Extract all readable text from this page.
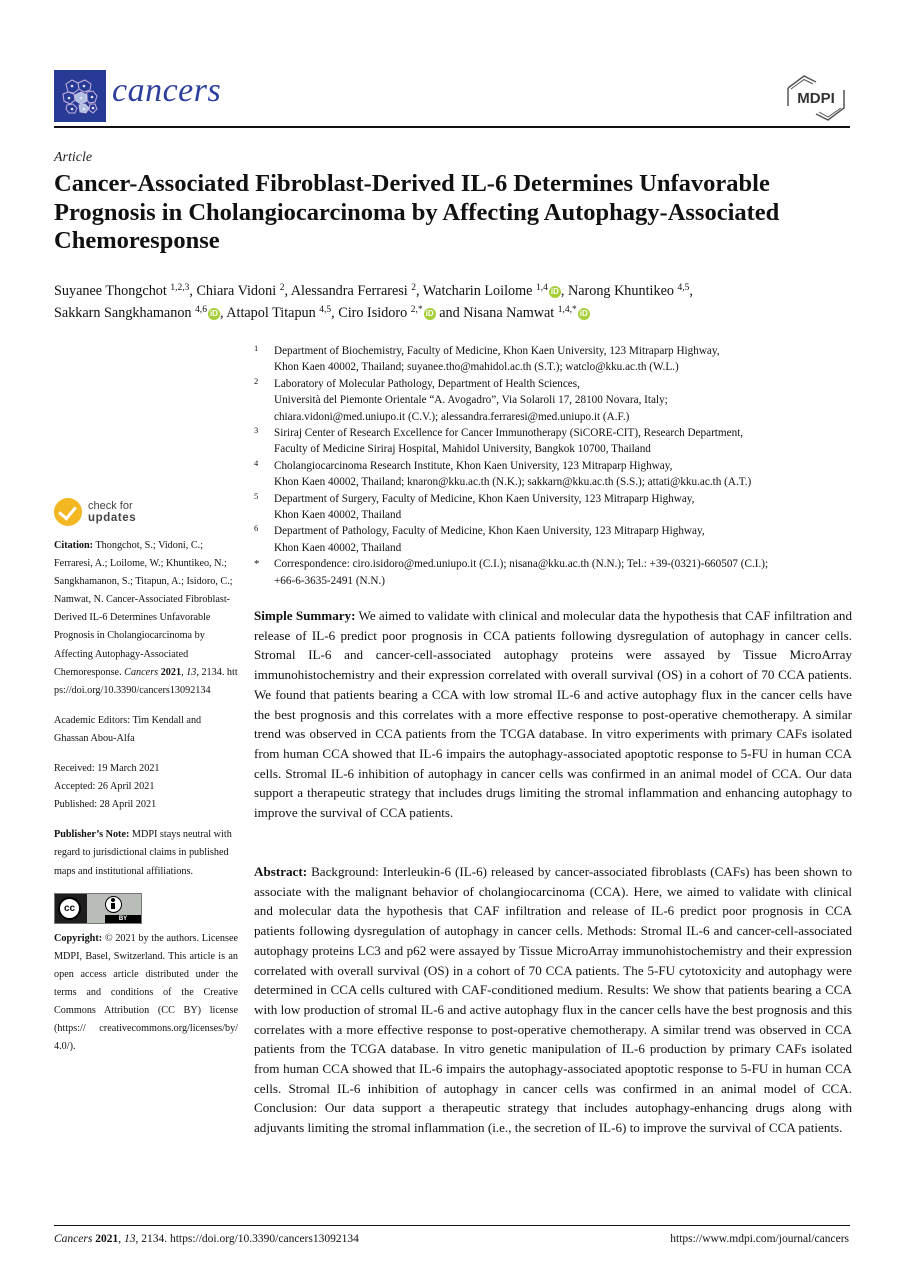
cancers	MDPI
Article
Cancer-Associated Fibroblast-Derived IL-6 Determines Unfavorable Prognosis in Cholangiocarcinoma by Affecting Autophagy-Associated Chemoresponse
Suyanee Thongchot $^{1,2,3}$, Chiara Vidoni $^2$, Alessandra Ferraresi $^2$, Watcharin Loilome $^{1,4}$ iD , Narong Khuntikeo $^{4,5}$,
Sakkarn Sangkhamanon $^{4,6}$ iD , Attapol Titapun $^{4,5}$, Ciro Isidoro $^{2,*}$ iD and Nisana Namwat $^{1,4,*}$ iD
1 Department of Biochemistry, Faculty of Medicine, Khon Kaen University, 123 Mitraparp Highway,
Khon Kaen 40002, Thailand; suyanee.tho@mahidol.ac.th (S.T.); watclo@kku.ac.th (W.L.)
2 Laboratory of Molecular Pathology, Department of Health Sciences,
Università del Piemonte Orientale “A. Avogadro”, Via Solaroli 17, 28100 Novara, Italy;
chiara.vidoni@med.uniupo.it (C.V.); alessandra.ferraresi@med.uniupo.it (A.F.)
3 Siriraj Center of Research Excellence for Cancer Immunotherapy (SiCORE-CIT), Research Department,
Faculty of Medicine Siriraj Hospital, Mahidol University, Bangkok 10700, Thailand
4 Cholangiocarcinoma Research Institute, Khon Kaen University, 123 Mitraparp Highway,
Khon Kaen 40002, Thailand; knaron@kku.ac.th (N.K.); sakkarn@kku.ac.th (S.S.); attati@kku.ac.th (A.T.)
5 Department of Surgery, Faculty of Medicine, Khon Kaen University, 123 Mitraparp Highway,
Khon Kaen 40002, Thailand
6 Department of Pathology, Faculty of Medicine, Khon Kaen University, 123 Mitraparp Highway,
Khon Kaen 40002, Thailand
* Correspondence: ciro.isidoro@med.uniupo.it (C.I.); nisana@kku.ac.th (N.N.); Tel.: +39-(0321)-660507 (C.I.);
+66-6-3635-2491 (N.N.)
check for
updates
Citation: Thongchot, S.; Vidoni, C.; Ferraresi, A.; Loilome, W.; Khuntikeo, N.; Sangkhamanon, S.; Titapun, A.; Isidoro, C.; Namwat, N. Cancer-Associated Fibroblast-Derived IL-6 Determines Unfavorable Prognosis in Cholangiocarcinoma by Affecting Autophagy-Associated Chemoresponse. Cancers 2021, 13, 2134. https://doi.org/10.3390/cancers13092134
Academic Editors: Tim Kendall and Ghassan Abou-Alfa
Received: 19 March 2021
Accepted: 26 April 2021
Published: 28 April 2021
Publisher’s Note: MDPI stays neutral with regard to jurisdictional claims in published maps and institutional affiliations.
cc
BY
Copyright: © 2021 by the authors. Licensee MDPI, Basel, Switzerland. This article is an open access article distributed under the terms and conditions of the Creative Commons Attribution (CC BY) license (https:// creativecommons.org/licenses/by/ 4.0/).
Simple Summary: We aimed to validate with clinical and molecular data the hypothesis that CAF infiltration and release of IL-6 predict poor prognosis in CCA patients following dysregulation of autophagy in cancer cells. Stromal IL-6 and cancer-cell-associated autophagy proteins were assayed by Tissue MicroArray immunohistochemistry and their expression correlated with overall survival (OS) in a cohort of 70 CCA patients. We found that patients bearing a CCA with low stromal IL-6 and active autophagy flux in the cancer cells have the best prognosis and this correlates with a more effective response to post-operative chemotherapy. A similar trend was observed in CCA patients from the TCGA database. In vitro experiments with primary CAFs isolated from human CCA showed that IL-6 impairs the autophagy-associated apoptotic response to 5-FU in human CCA cells. Stromal IL-6 inhibition of autophagy in cancer cells was confirmed in an animal model of CCA. Our data support a therapeutic strategy that includes drugs limiting the stromal inflammation and enhancing autophagy to improve the survival of CCA patients.
Abstract: Background: Interleukin-6 (IL-6) released by cancer-associated fibroblasts (CAFs) has been shown to associate with the malignant behavior of cholangiocarcinoma (CCA). Here, we aimed to validate with clinical and molecular data the hypothesis that CAF infiltration and release of IL-6 predict poor prognosis in CCA patients following dysregulation of autophagy in cancer cells. Methods: Stromal IL-6 and cancer-cell-associated autophagy proteins LC3 and p62 were assayed by Tissue MicroArray immunohistochemistry and their expression correlated with overall survival (OS) in a cohort of 70 CCA patients. The 5-FU cytotoxicity and autophagy were determined in CCA cells cultured with CAF-conditioned medium. Results: We show that patients bearing a CCA with low production of stromal IL-6 and active autophagy flux in the cancer cells have the best prognosis and this correlates with a more effective response to post-operative chemotherapy. A similar trend was observed in CCA patients from the TCGA database. In vitro genetic manipulation of IL-6 production by primary CAFs isolated from human CCA showed that IL-6 impairs the autophagy-associated apoptotic response to 5-FU in human CCA cells. Stromal IL-6 inhibition of autophagy in cancer cells was confirmed in an animal model of CCA. Conclusion: Our data support a therapeutic strategy that includes autophagy-enhancing drugs along with adjuvants limiting the stromal inflammation (i.e., the secretion of IL-6) to improve the survival of CCA patients.
Cancers 2021, 13, 2134. https://doi.org/10.3390/cancers13092134	https://www.mdpi.com/journal/cancers
